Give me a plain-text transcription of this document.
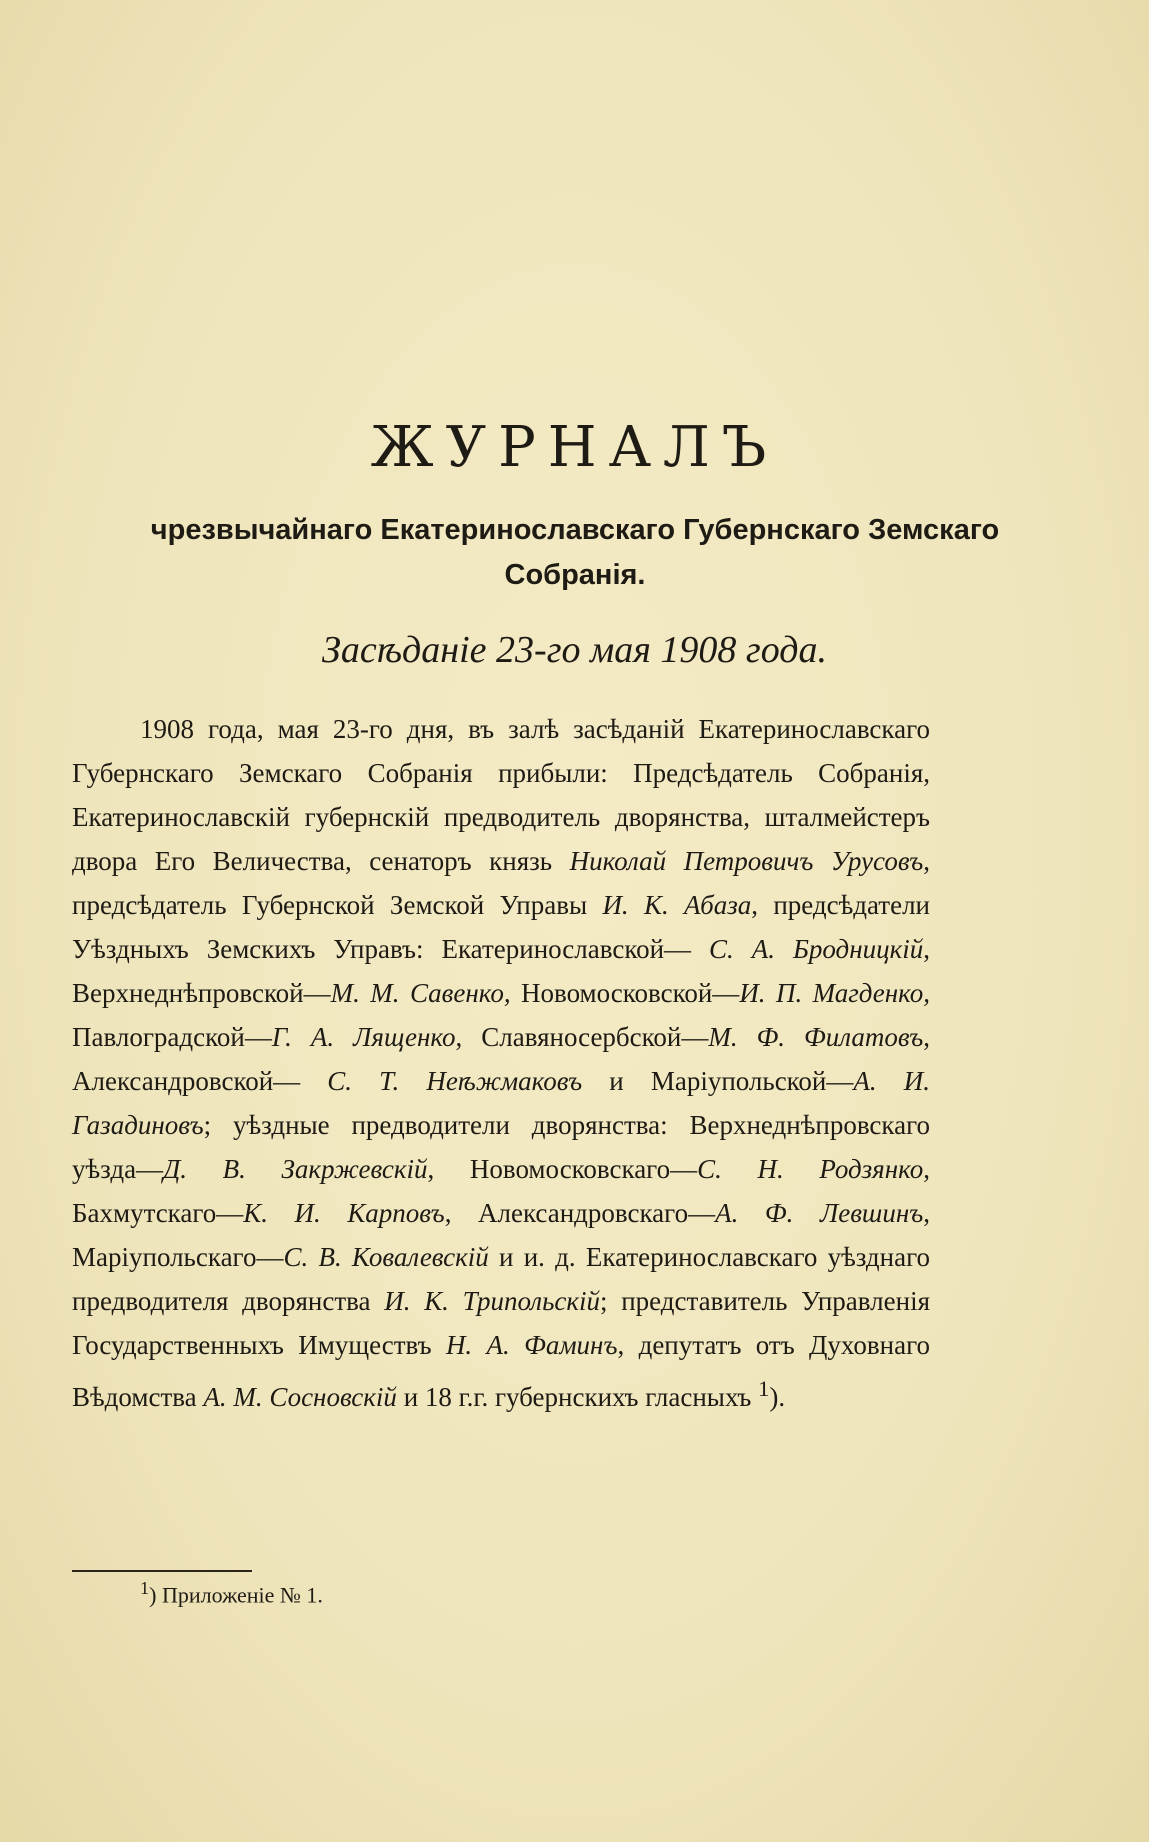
ЖУРНАЛЪ

чрезвычайнаго Екатеринославскаго Губернскаго Земскаго Собранія.

Засѣданіе 23-го мая 1908 года.

1908 года, мая 23-го дня, въ залѣ засѣданій Екатеринославскаго Губернскаго Земскаго Собранія прибыли: Предсѣдатель Собранія, Екатеринославскій губернскій предводитель дворянства, шталмейстеръ двора Его Величества, сенаторъ князь Николай Петровичъ Урусовъ, предсѣдатель Губернской Земской Управы И. К. Абаза, предсѣдатели Уѣздныхъ Земскихъ Управъ: Екатеринославской— С. А. Бродницкій, Верхнеднѣпровской—М. М. Савенко, Новомосковской—И. П. Магденко, Павлоградской—Г. А. Лященко, Славяносербской—М. Ф. Филатовъ, Александровской— С. Т. Неѣжмаковъ и Маріупольской—А. И. Газадиновъ; уѣздные предводители дворянства: Верхнеднѣпровскаго уѣзда—Д. В. Закржевскій, Новомосковскаго—С. Н. Родзянко, Бахмутскаго—К. И. Карповъ, Александровскаго—А. Ф. Левшинъ, Маріупольскаго—С. В. Ковалевскій и и. д. Екатеринославскаго уѣзднаго предводителя дворянства И. К. Трипольскій; представитель Управленія Государственныхъ Имуществъ Н. А. Фаминъ, депутатъ отъ Духовнаго Вѣдомства А. М. Сосновскій и 18 г.г. губернскихъ гласныхъ $^1$).

$^1$) Приложеніе № 1.
